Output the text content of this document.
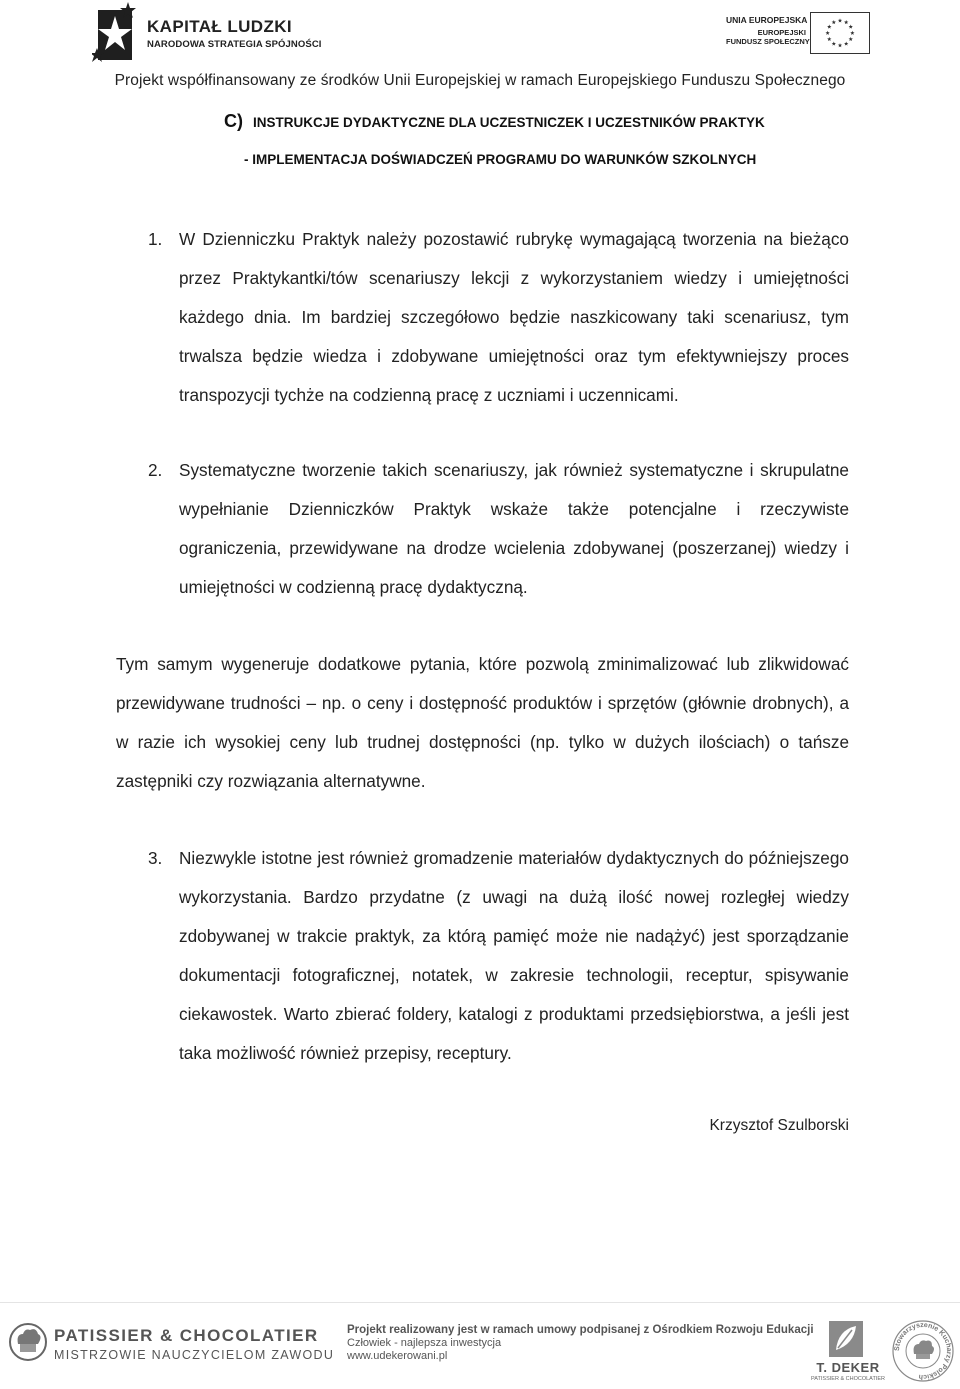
KAPITAŁ LUDZKI
NARODOWA STRATEGIA SPÓJNOŚCI
UNIA EUROPEJSKA
EUROPEJSKI
FUNDUSZ SPOŁECZNY
Projekt współfinansowany ze środków Unii Europejskiej w ramach Europejskiego Funduszu Społecznego
C) INSTRUKCJE DYDAKTYCZNE DLA UCZESTNICZEK I UCZESTNIKÓW PRAKTYK
- IMPLEMENTACJA DOŚWIADCZEŃ PROGRAMU DO WARUNKÓW SZKOLNYCH
1. W Dzienniczku Praktyk należy pozostawić rubrykę wymagającą tworzenia na bieżąco przez Praktykantki/tów scenariuszy lekcji z wykorzystaniem wiedzy i umiejętności każdego dnia. Im bardziej szczegółowo będzie naszkicowany taki scenariusz, tym trwalsza będzie wiedza i zdobywane umiejętności oraz tym efektywniejszy proces transpozycji tychże na codzienną pracę z uczniami i uczennicami.
2. Systematyczne tworzenie takich scenariuszy, jak również systematyczne i skrupulatne wypełnianie Dzienniczków Praktyk wskaże także potencjalne i rzeczywiste ograniczenia, przewidywane na drodze wcielenia zdobywanej (poszerzanej) wiedzy i umiejętności w codzienną pracę dydaktyczną.
Tym samym wygeneruje dodatkowe pytania, które pozwolą zminimalizować lub zlikwidować przewidywane trudności – np. o ceny i dostępność produktów i sprzętów (głównie drobnych), a w razie ich wysokiej ceny lub trudnej dostępności (np. tylko w dużych ilościach) o tańsze zastępniki czy rozwiązania alternatywne.
3. Niezwykle istotne jest również gromadzenie materiałów dydaktycznych do późniejszego wykorzystania. Bardzo przydatne (z uwagi na dużą ilość nowej rozległej wiedzy zdobywanej w trakcie praktyk, za którą pamięć może nie nadążyć) jest sporządzanie dokumentacji fotograficznej, notatek, w zakresie technologii, receptur, spisywanie ciekawostek. Warto zbierać foldery, katalogi z produktami przedsiębiorstwa, a jeśli jest taka możliwość również przepisy, receptury.
Krzysztof Szulborski
PATISSIER & CHOCOLATIER
MISTRZOWIE NAUCZYCIELOM ZAWODU
Projekt realizowany jest w ramach umowy podpisanej z Ośrodkiem Rozwoju Edukacji
Człowiek - najlepsza inwestycja
www.udekerowani.pl
T. DEKER
PATISSIER & CHOCOLATIER
Stowarzyszenie Kucharzy Polskich
